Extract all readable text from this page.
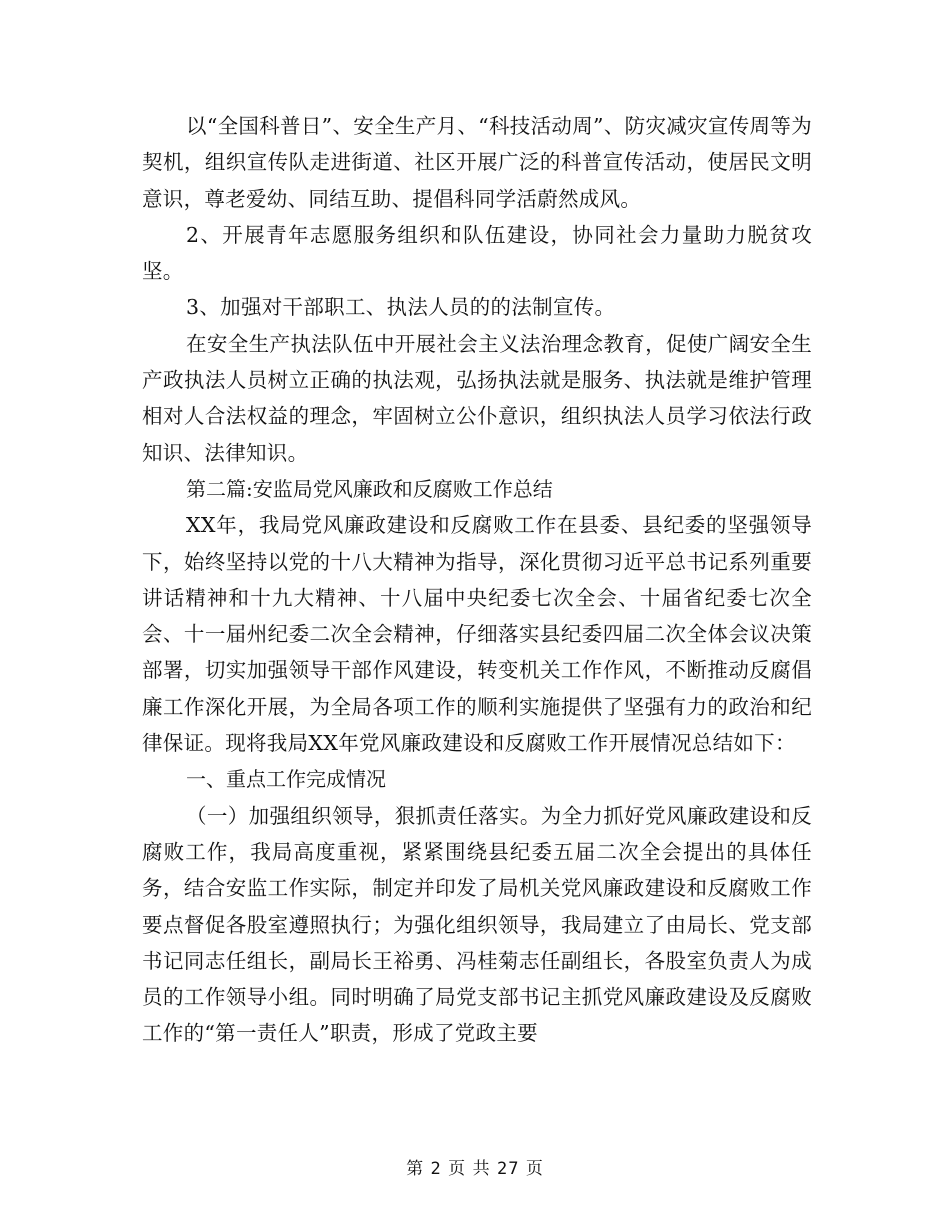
以“全国科普日”、安全生产月、“科技活动周”、防灾减灾宣传周等为契机，组织宣传队走进街道、社区开展广泛的科普宣传活动，使居民文明意识，尊老爱幼、同结互助、提倡科同学活蔚然成风。

2、开展青年志愿服务组织和队伍建设，协同社会力量助力脱贫攻坚。

3、加强对干部职工、执法人员的的法制宣传。

在安全生产执法队伍中开展社会主义法治理念教育，促使广阔安全生产政执法人员树立正确的执法观，弘扬执法就是服务、执法就是维护管理相对人合法权益的理念，牢固树立公仆意识，组织执法人员学习依法行政知识、法律知识。

第二篇:安监局党风廉政和反腐败工作总结

XX年，我局党风廉政建设和反腐败工作在县委、县纪委的坚强领导下，始终坚持以党的十八大精神为指导，深化贯彻习近平总书记系列重要讲话精神和十九大精神、十八届中央纪委七次全会、十届省纪委七次全会、十一届州纪委二次全会精神，仔细落实县纪委四届二次全体会议决策部署，切实加强领导干部作风建设，转变机关工作作风，不断推动反腐倡廉工作深化开展，为全局各项工作的顺利实施提供了坚强有力的政治和纪律保证。现将我局XX年党风廉政建设和反腐败工作开展情况总结如下：

一、重点工作完成情况

（一）加强组织领导，狠抓责任落实。为全力抓好党风廉政建设和反腐败工作，我局高度重视，紧紧围绕县纪委五届二次全会提出的具体任务，结合安监工作实际，制定并印发了局机关党风廉政建设和反腐败工作要点督促各股室遵照执行；为强化组织领导，我局建立了由局长、党支部书记同志任组长，副局长王裕勇、冯桂菊志任副组长，各股室负责人为成员的工作领导小组。同时明确了局党支部书记主抓党风廉政建设及反腐败工作的“第一责任人”职责，形成了党政主要

第 2 页 共 27 页
